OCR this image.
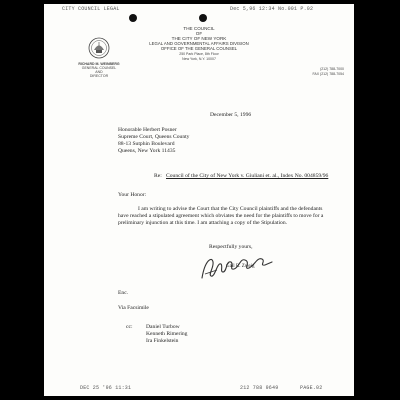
CITY COUNCIL LEGAL	Dec 5,96 12:34 No.001 P.02
RICHARD M. WEINBERG
GENERAL COUNSEL
AND
DIRECTOR
THE COUNCIL
OF
THE CITY OF NEW YORK
LEGAL AND GOVERNMENTAL AFFAIRS DIVISION
OFFICE OF THE GENERAL COUNSEL
250 Park Place, 8th Floor
New York, N.Y. 10007
(212) 788-7000
FAX (212) 788-7054
December 5, 1996
Honorable Herbert Posner
Supreme Court, Queens County
88-13 Sutphin Boulevard
Queens, New York 11435
Re: Council of the City of New York v. Giuliani et. al., Index No. 004859/96
Your Honor:
I am writing to advise the Court that the City Council plaintiffs and the defendants
have reached a stipulated agreement which obviates the need for the plaintiffs to move for a
preliminary injunction at this time. I am attaching a copy of the Stipulation.
Respectfully yours,
Gail R. Zweig
Enc.
Via Facsimile
cc: Daniel Turbow
Kenneth Rimering
Ira Finkelstein
DEC 25 '96 11:31	212 788 9649	PAGE.02
